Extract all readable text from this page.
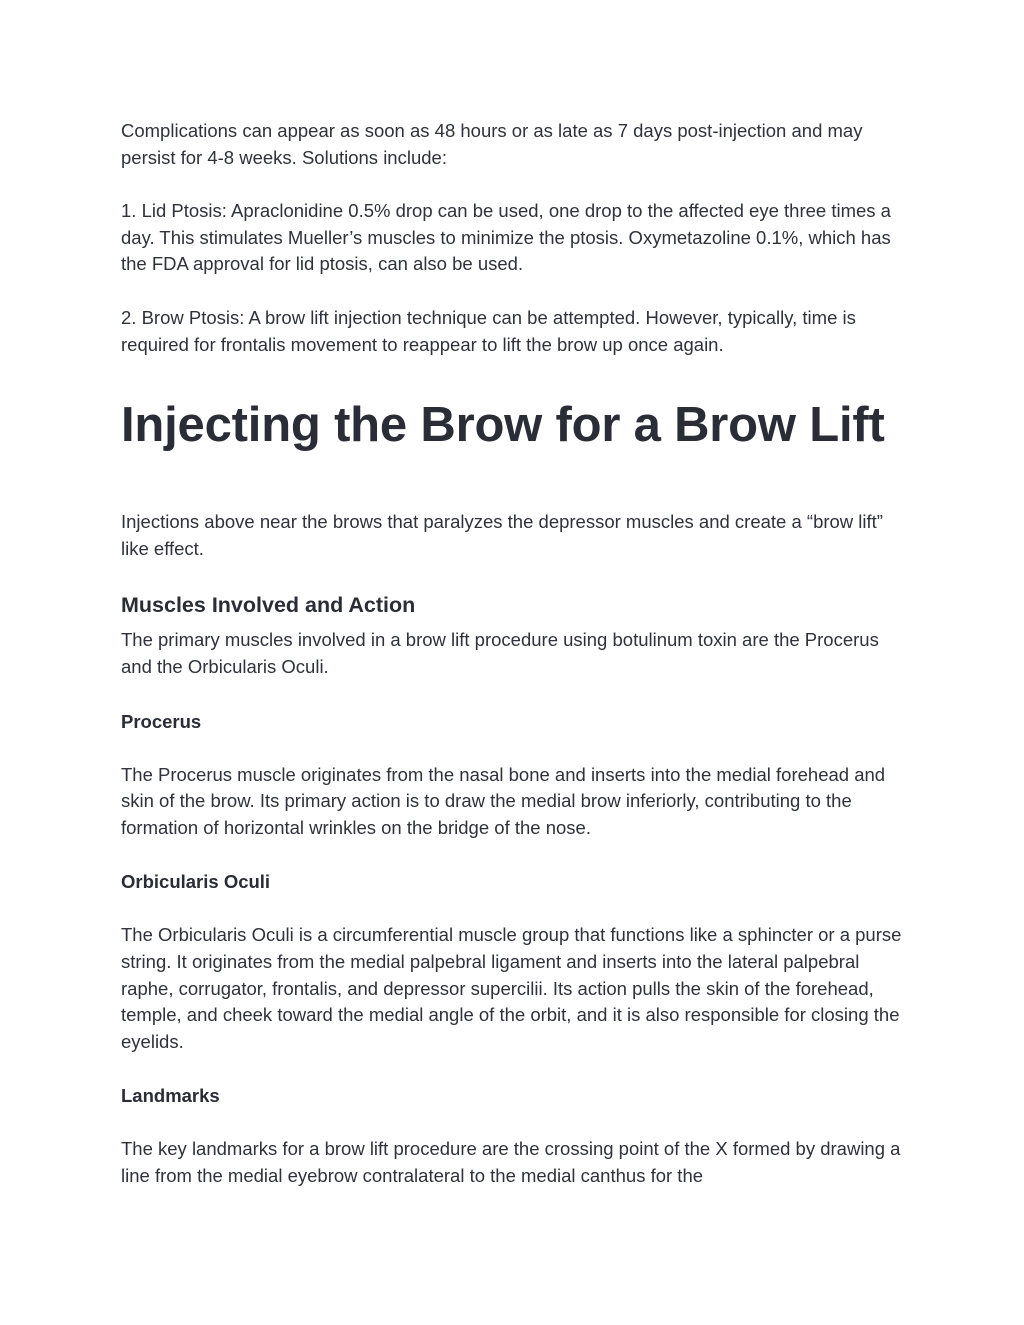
Complications can appear as soon as 48 hours or as late as 7 days post-injection and may persist for 4-8 weeks. Solutions include:

1. Lid Ptosis: Apraclonidine 0.5% drop can be used, one drop to the affected eye three times a day. This stimulates Mueller’s muscles to minimize the ptosis. Oxymetazoline 0.1%, which has the FDA approval for lid ptosis, can also be used.

2. Brow Ptosis: A brow lift injection technique can be attempted. However, typically, time is required for frontalis movement to reappear to lift the brow up once again.

Injecting the Brow for a Brow Lift

Injections above near the brows that paralyzes the depressor muscles and create a “brow lift” like effect.

Muscles Involved and Action

The primary muscles involved in a brow lift procedure using botulinum toxin are the Procerus and the Orbicularis Oculi.

Procerus

The Procerus muscle originates from the nasal bone and inserts into the medial forehead and skin of the brow. Its primary action is to draw the medial brow inferiorly, contributing to the formation of horizontal wrinkles on the bridge of the nose.

Orbicularis Oculi

The Orbicularis Oculi is a circumferential muscle group that functions like a sphincter or a purse string. It originates from the medial palpebral ligament and inserts into the lateral palpebral raphe, corrugator, frontalis, and depressor supercilii. Its action pulls the skin of the forehead, temple, and cheek toward the medial angle of the orbit, and it is also responsible for closing the eyelids.

Landmarks

The key landmarks for a brow lift procedure are the crossing point of the X formed by drawing a line from the medial eyebrow contralateral to the medial canthus for the
